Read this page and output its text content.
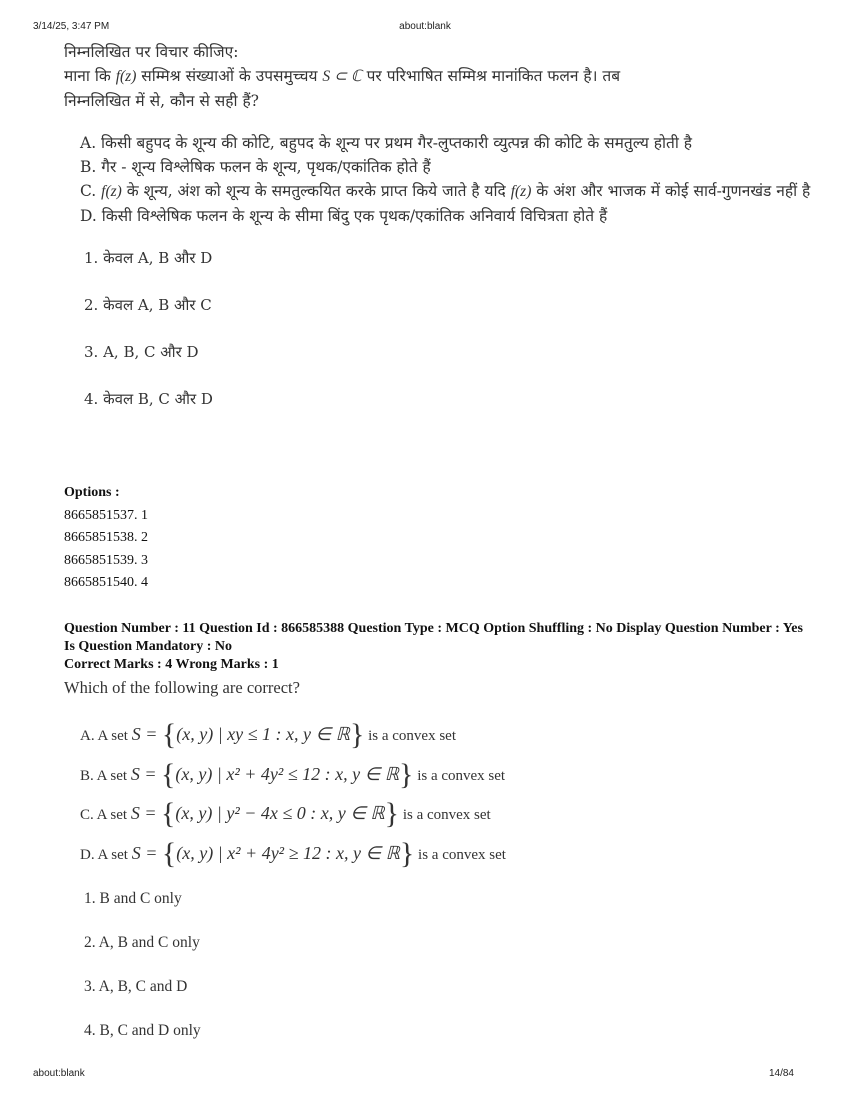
3/14/25, 3:47 PM	about:blank
निम्नलिखित पर विचार कीजिए:
माना कि f(z) सम्मिश्र संख्याओं के उपसमुच्चय S ⊂ ℂ पर परिभाषित सम्मिश्र मानांकित फलन है। तब
निम्नलिखित में से, कौन से सही हैं?

A. किसी बहुपद के शून्य की कोटि, बहुपद के शून्य पर प्रथम गैर-लुप्तकारी व्युत्पन्न की कोटि के समतुल्य होती है

B. गैर - शून्य विश्लेषिक फलन के शून्य, पृथक/एकांतिक होते हैं

C. f(z) के शून्य, अंश को शून्य के समतुल्कयित करके प्राप्त किये जाते है यदि f(z) के अंश और भाजक में कोई सार्व-गुणनखंड नहीं है

D. किसी विश्लेषिक फलन के शून्य के सीमा बिंदु एक पृथक/एकांतिक अनिवार्य विचित्रता होते हैं

1. केवल A, B और D
2. केवल A, B और C
3. A, B, C और D
4. केवल B, C और D
Options :
8665851537. 1
8665851538. 2
8665851539. 3
8665851540. 4
Question Number : 11 Question Id : 866585388 Question Type : MCQ Option Shuffling : No Display Question Number : Yes Is Question Mandatory : No
Correct Marks : 4 Wrong Marks : 1
Which of the following are correct?
A. A set S = {(x, y) | xy ≤ 1 : x, y ∈ ℝ} is a convex set
B. A set S = {(x, y) | x² + 4y² ≤ 12 : x, y ∈ ℝ} is a convex set
C. A set S = {(x, y) | y² − 4x ≤ 0 : x, y ∈ ℝ} is a convex set
D. A set S = {(x, y) | x² + 4y² ≥ 12 : x, y ∈ ℝ} is a convex set
1. B and C only
2. A, B and C only
3. A, B, C and D
4. B, C and D only
about:blank	14/84
